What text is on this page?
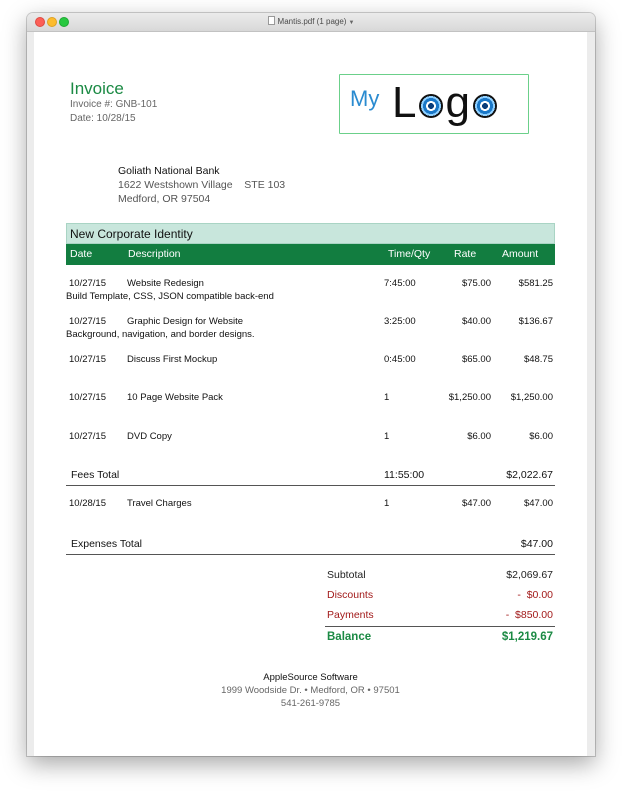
Mantis.pdf (1 page) ▼
Invoice
Invoice #: GNB-101
Date: 10/28/15
My L g
Goliath National Bank
1622 Westshown Village    STE 103
Medford, OR 97504
New Corporate Identity
Date	Description	Time/Qty Rate Amount
10/27/15 Website Redesign	7:45:00	$75.00	$581.25
Build Template, CSS, JSON compatible back-end
10/27/15 Graphic Design for Website	3:25:00	$40.00	$136.67
Background, navigation, and border designs.
10/27/15 Discuss First Mockup	0:45:00	$65.00	$48.75
10/27/15 10 Page Website Pack	1	$1,250.00 $1,250.00
10/27/15 DVD Copy	1	$6.00	$6.00
Fees Total	11:55:00	$2,022.67
10/28/15 Travel Charges	1	$47.00	$47.00
Expenses Total	$47.00
Subtotal	$2,069.67
Discounts	-  $0.00
Payments	-  $850.00
Balance	$1,219.67
AppleSource Software
1999 Woodside Dr. • Medford, OR • 97501
541-261-9785
